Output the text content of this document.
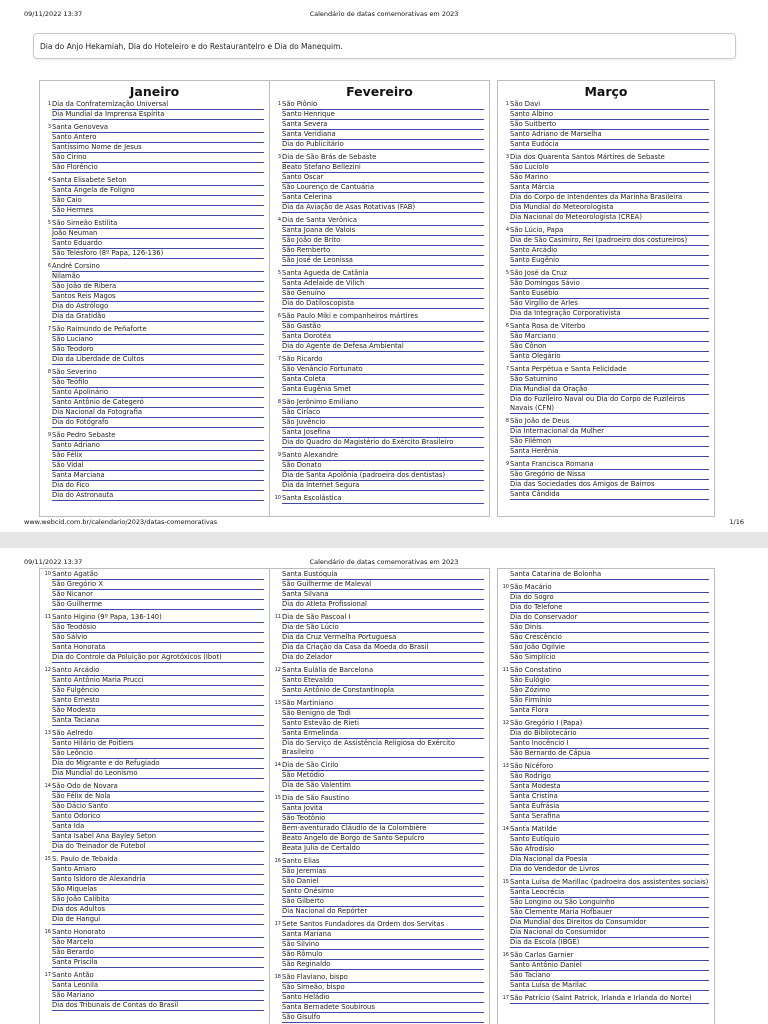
09/11/2022 13:37	Calendário de datas comemorativas em 2023
Dia do Anjo Hekamiah, Dia do Hoteleiro e do Restaurantelro e Dia do Manequim.
Janeiro
1 Dia da Confraternização Universal
Dia Mundial da Imprensa Espírita
3 Santa Genoveva
Santo Antero
Santíssimo Nome de Jesus
São Cirino
São Florêncio
4 Santa Elisabete Seton
Santa Ângela de Foligno
São Caio
São Hermes
5 São Simeão Estilita
João Neuman
Santo Eduardo
São Telésforo (8º Papa, 126-136)
6 André Corsino
Nilamão
São João de Ribera
Santos Reis Magos
Dia do Astrólogo
Dia da Gratidão
7 São Raimundo de Peñaforte
São Luciano
São Teodoro
Dia da Liberdade de Cultos
8 São Severino
São Teófilo
Santo Apolinário
Santo Antônio de Categeró
Dia Nacional da Fotografia
Dia do Fotógrafo
9 São Pedro Sebaste
Santo Adriano
São Félix
São Vidal
Santa Marciana
Dia do Fico
Dia do Astronauta
Fevereiro
1 São Piônio
Santo Henrique
Santa Severa
Santa Veridiana
Dia do Publicitário
3 Dia de São Brás de Sebaste
Beato Stefano Bellezini
Santo Oscar
São Lourenço de Cantuária
Santa Celerina
Dia da Aviação de Asas Rotativas (FAB)
4 Dia de Santa Verônica
Santa Joana de Valois
São João de Brito
São Remberto
São José de Leonissa
5 Santa Águeda de Catânia
Santa Adelaide de Vilich
São Genuíno
Dia do Datiloscopista
6 São Paulo Miki e companheiros mártires
São Gastão
Santa Dorotéa
Dia do Agente de Defesa Ambiental
7 São Ricardo
São Venâncio Fortunato
Santa Coleta
Santa Eugênia Smet
8 São Jerônimo Emiliano
São Ciríaco
São Juvêncio
Santa Josefina
Dia do Quadro do Magistério do Exército Brasileiro
9 Santo Alexandre
São Donato
Dia de Santa Apolônia (padroeira dos dentistas)
Dia da Internet Segura
10 Santa Escolástica
Março
1 São Davi
Santo Albino
São Suitberto
Santo Adriano de Marselha
Santa Eudócia
3 Dia dos Quarenta Santos Mártires de Sebaste
São Lucíolo
São Marino
Santa Márcia
Dia do Corpo de Intendentes da Marinha Brasileira
Dia Mundial do Meteorologista
Dia Nacional do Meteorologista (CREA)
4 São Lúcio, Papa
Dia de São Casimiro, Rei (padroeiro dos costureiros)
Santo Arcádio
Santo Eugênio
5 São José da Cruz
São Domingos Sávio
Santo Eusébio
São Virgílio de Arles
Dia da Integração Corporativista
6 Santa Rosa de Viterbo
São Marciano
São Cônon
Santo Olegário
7 Santa Perpétua e Santa Felicidade
São Saturnino
Dia Mundial da Oração
Dia do Fuzileiro Naval ou Dia do Corpo de Fuzileiros Navais (CFN)
8 São João de Deus
Dia Internacional da Mulher
São Filêmon
Santa Herênia
9 Santa Francisca Romana
São Gregório de Nissa
Dia das Sociedades dos Amigos de Bairros
Santa Cândida
www.webcid.com.br/calendario/2023/datas-comemorativas	1/16
09/11/2022 13:37	Calendário de datas comemorativas em 2023
10 Santo Agatão
São Gregório X
São Nicanor
São Guilherme
11 Santo Higino (9º Papa, 136-140)
São Teodósio
São Sálvio
Santa Honorata
Dia do Controle da Poluição por Agrotóxicos (Ibot)
12 Santo Arcádio
Santo Antônio Maria Prucci
São Fulgêncio
Santo Ernesto
São Modesto
Santa Taciana
13 São Aelredo
Santo Hilário de Poitiers
São Leôncio
Dia do Migrante e do Refugiado
Dia Mundial do Leonismo
14 São Odo de Novara
São Félix de Nola
São Dácio Santo
Santo Odorico
Santa Ida
Santa Isabel Ana Bayley Seton
Dia do Treinador de Futebol
15 S. Paulo de Tebaida
Santo Amaro
Santo Isidoro de Alexandria
São Miquelas
São João Calibita
Dia dos Adultos
Dia de Hangui
16 Santo Honorato
São Marcelo
São Berardo
Santa Priscila
17 Santo Antão
Santa Leonila
São Mariano
Dia dos Tribunais de Contas do Brasil
Santa Eustóquia
São Guilherme de Maleval
Santa Silvana
Dia do Atleta Profissional
11 Dia de São Pascoal I
Dia de São Lúcio
Dia da Cruz Vermelha Portuguesa
Dia da Criação da Casa da Moeda do Brasil
Dia do Zelador
12 Santa Eulália de Barcelona
Santo Etevaldo
Santo Antônio de Constantinopla
13 São Martiniano
São Benigno de Todi
Santo Estevão de Rieti
Santa Ermelinda
Dia do Serviço de Assistência Religiosa do Exército Brasileiro
14 Dia de São Cirilo
São Metódio
Dia de São Valentim
15 Dia de São Faustino
Santa Jovita
São Teotônio
Bem-aventurado Cláudio de la Colombière
Beato Angelo de Borgo de Santo Sepulcro
Beata Julia de Certaldo
16 Santo Elias
São Jeremias
São Daniel
Santo Onésimo
São Gilberto
Dia Nacional do Repórter
17 Sete Santos Fundadores da Ordem dos Servitas
Santa Mariana
São Silvino
São Rômulo
São Reginaldo
18 São Flaviano, bispo
São Simeão, bispo
Santo Heládio
Santa Bernadete Soubirous
São Gisulfo
Santa Catarina de Bolonha
10 São Macário
Dia do Sogro
Dia do Telefone
Dia do Conservador
São Dinis
São Crescêncio
São João Ogilvie
São Simplício
11 São Constatino
São Eulógio
São Zózimo
São Firmínio
Santa Flora
12 São Gregório I (Papa)
Dia do Bibliotecário
Santo Inocêncio I
São Bernardo de Cápua
13 São Nicéforo
São Rodrigo
Santa Modesta
Santa Cristina
Santa Eufrásia
Santa Serafina
14 Santa Matilde
Santo Eutíquio
São Afrodísio
Dia Nacional da Poesia
Dia do Vendedor de Livros
15 Santa Luísa de Marillac (padroeira dos assistentes sociais)
Santa Leocrécia
São Longino ou São Longuinho
São Clemente Maria Hofbauer
Dia Mundial dos Direitos do Consumidor
Dia Nacional do Consumidor
Dia da Escola (IBGE)
16 São Carlos Garnier
Santo Antônio Daniel
São Taciano
Santa Luísa de Marilac
17 São Patrício (Saint Patrick, Irlanda e Irlanda do Norte)
